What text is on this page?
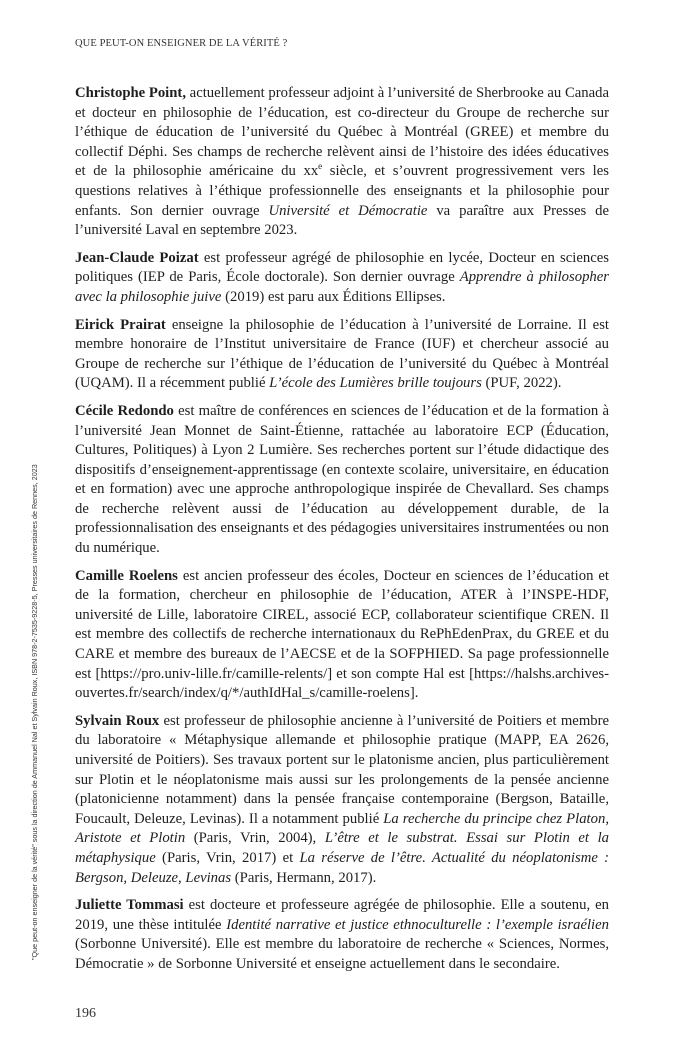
QUE PEUT-ON ENSEIGNER DE LA VÉRITÉ ?

Christophe Point, actuellement professeur adjoint à l’université de Sherbrooke au Canada et docteur en philosophie de l’éducation, est co-directeur du Groupe de recherche sur l’éthique de éducation de l’université du Québec à Montréal (GREE) et membre du collectif Déphi. Ses champs de recherche relèvent ainsi de l’histoire des idées éducatives et de la philosophie américaine du $xx^e$ siècle, et s’ouvrent progressivement vers les questions relatives à l’éthique professionnelle des enseignants et la philosophie pour enfants. Son dernier ouvrage Université et Démocratie va paraître aux Presses de l’université Laval en septembre 2023.

Jean-Claude Poizat est professeur agrégé de philosophie en lycée, Docteur en sciences politiques (IEP de Paris, École doctorale). Son dernier ouvrage Apprendre à philosopher avec la philosophie juive (2019) est paru aux Éditions Ellipses.

Eirick Prairat enseigne la philosophie de l’éducation à l’université de Lorraine. Il est membre honoraire de l’Institut universitaire de France (IUF) et chercheur associé au Groupe de recherche sur l’éthique de l’éducation de l’université du Québec à Montréal (UQAM). Il a récemment publié L’école des Lumières brille toujours (PUF, 2022).

Cécile Redondo est maître de conférences en sciences de l’éducation et de la formation à l’université Jean Monnet de Saint-Étienne, rattachée au laboratoire ECP (Éducation, Cultures, Politiques) à Lyon 2 Lumière. Ses recherches portent sur l’étude didactique des dispositifs d’enseignement-apprentissage (en contexte scolaire, universitaire, en éducation et en formation) avec une approche anthropologique inspirée de Chevallard. Ses champs de recherche relèvent aussi de l’éducation au développement durable, de la professionnalisation des enseignants et des pédagogies universitaires instrumentées ou non du numérique.

Camille Roelens est ancien professeur des écoles, Docteur en sciences de l’éducation et de la formation, chercheur en philosophie de l’éducation, ATER à l’INSPE-HDF, université de Lille, laboratoire CIREL, associé ECP, collaborateur scientifique CREN. Il est membre des collectifs de recherche internationaux du RePhEdenPrax, du GREE et du CARE et membre des bureaux de l’AECSE et de la SOFPHIED. Sa page professionnelle est [https://pro.univ-lille.fr/camille-relents/] et son compte Hal est [https://halshs.archives-ouvertes.fr/search/index/q/*/authIdHal_s/camille-roelens].

Sylvain Roux est professeur de philosophie ancienne à l’université de Poitiers et membre du laboratoire « Métaphysique allemande et philosophie pratique (MAPP, EA 2626, université de Poitiers). Ses travaux portent sur le platonisme ancien, plus particulièrement sur Plotin et le néoplatonisme mais aussi sur les prolongements de la pensée ancienne (platonicienne notamment) dans la pensée française contemporaine (Bergson, Bataille, Foucault, Deleuze, Levinas). Il a notamment publié La recherche du principe chez Platon, Aristote et Plotin (Paris, Vrin, 2004), L’être et le substrat. Essai sur Plotin et la métaphysique (Paris, Vrin, 2017) et La réserve de l’être. Actualité du néoplatonisme : Bergson, Deleuze, Levinas (Paris, Hermann, 2017).

Juliette Tommasi est docteure et professeure agrégée de philosophie. Elle a soutenu, en 2019, une thèse intitulée Identité narrative et justice ethnoculturelle : l’exemple israélien (Sorbonne Université). Elle est membre du laboratoire de recherche « Sciences, Normes, Démocratie » de Sorbonne Université et enseigne actuellement dans le secondaire.

196
"Que peut-on enseigner de la vérité" sous la direction de Ammanuel Nal et Sylvain Roux, ISBN 978-2-7535-9228-5, Presses universitaires de Rennes, 2023
